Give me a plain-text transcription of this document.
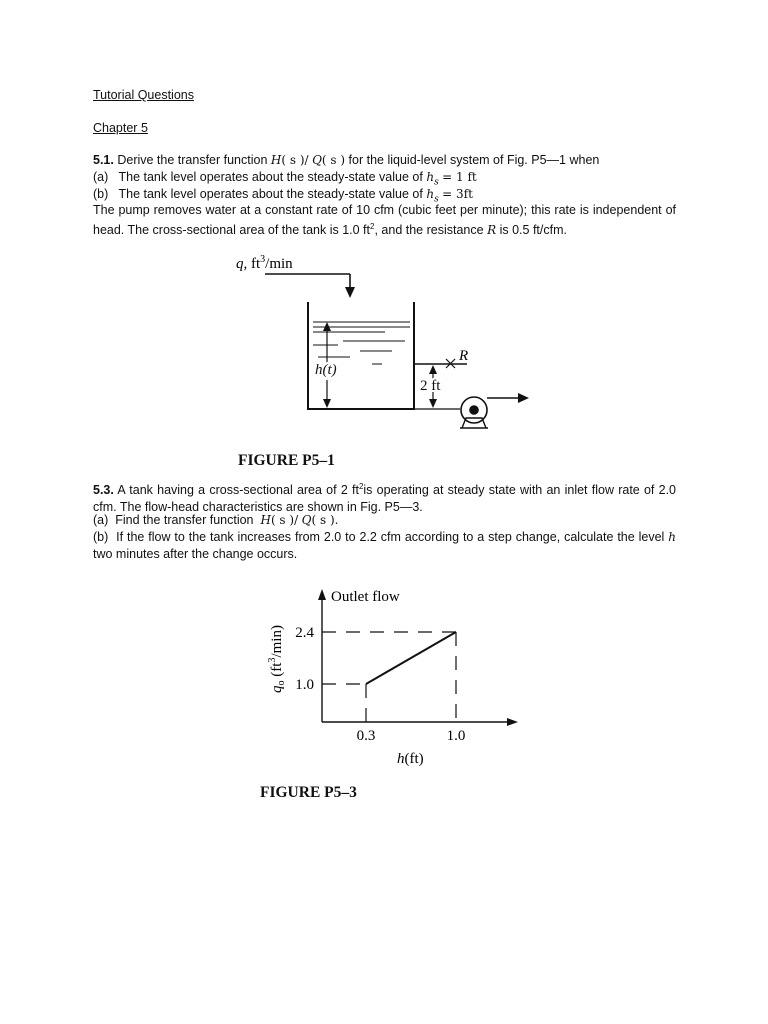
Tutorial Questions
Chapter 5
5.1. Derive the transfer function H( s )/ Q( s ) for the liquid-level system of Fig. P5—1 when
(a) The tank level operates about the steady-state value of $h_s = 1$ ft
(b) The tank level operates about the steady-state value of $h_s = 3ft$
The pump removes water at a constant rate of 10 cfm (cubic feet per minute); this rate is independent of head. The cross-sectional area of the tank is 1.0 $ft^2$, and the resistance R is 0.5 ft/cfm.
q, $ft^3/\min$
h(t)
R
2 ft
FIGURE P5–1
5.3. A tank having a cross-sectional area of 2 $ft^2is$ operating at steady state with an inlet flow rate of 2.0 cfm. The flow-head characteristics are shown in Fig. P5—3.
(a) Find the transfer function H( s )/ Q( s ).
(b) If the flow to the tank increases from 2.0 to 2.2 cfm according to a step change, calculate the level h two minutes after the change occurs.
Outlet flow
h(ft)
$q_o$ $(ft^3/\min)$ 2.4
1.0
0.3	1.0
FIGURE P5–3
